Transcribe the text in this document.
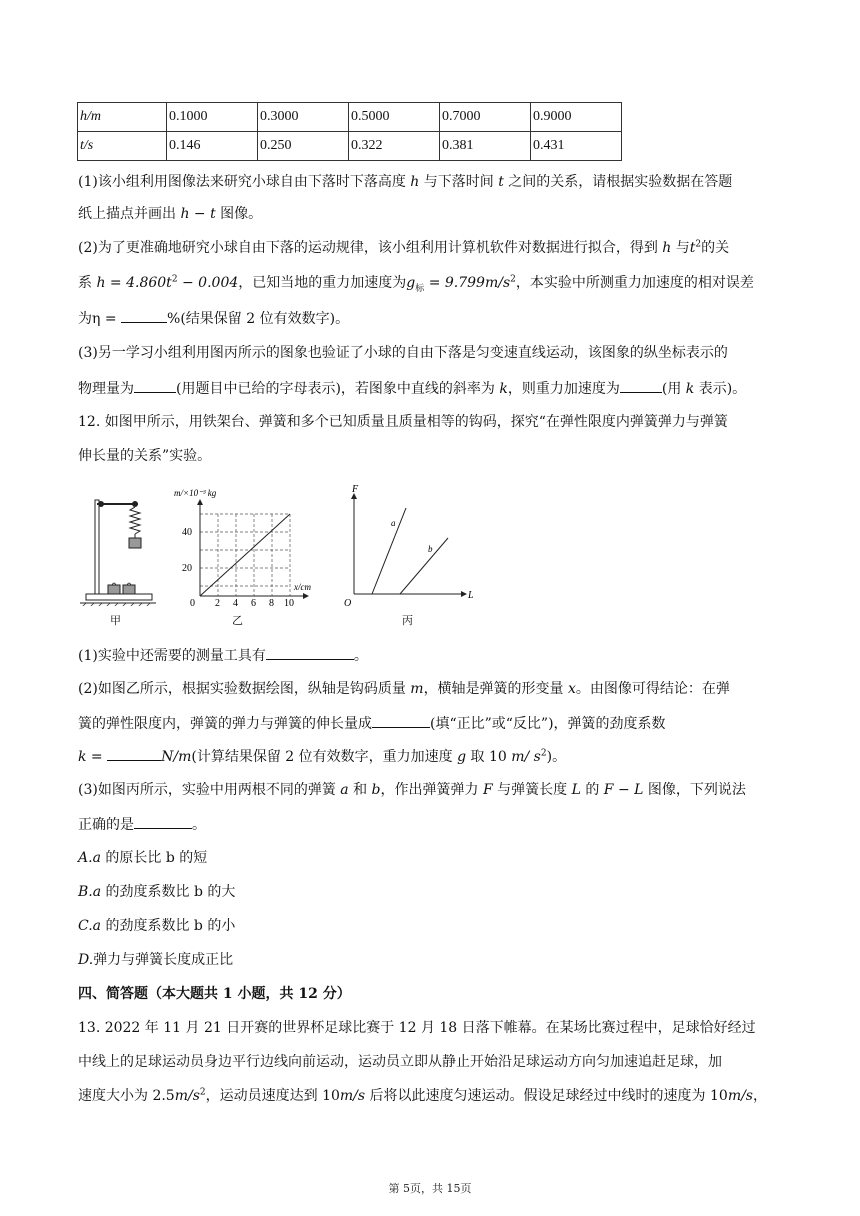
h/m	0.1000	0.3000	0.5000	0.7000	0.9000
t/s	0.146	0.250	0.322	0.381	0.431
(1)该小组利用图像法来研究小球自由下落时下落高度 h 与下落时间 t 之间的关系，请根据实验数据在答题
纸上描点并画出 h − t 图像。
(2)为了更准确地研究小球自由下落的运动规律，该小组利用计算机软件对数据进行拟合，得到 h 与$t^2$的关
系 $h = 4.860t^2 - 0.004$，已知当地的重力加速度为$g_标 = 9.799m/s^2$，本实验中所测重力加速度的相对误差
为η =	%(结果保留 2 位有效数字)。
(3)另一学习小组利用图丙所示的图象也验证了小球的自由下落是匀变速直线运动，该图象的纵坐标表示的
物理量为	(用题目中已给的字母表示)，若图象中直线的斜率为 k，则重力加速度为	(用 k 表示)。
12. 如图甲所示，用铁架台、弹簧和多个已知质量且质量相等的钩码，探究“在弹性限度内弹簧弹力与弹簧
伸长量的关系”实验。
甲
m/×10⁻³ kg
40
20
0 2 4 6 8 10
x/cm
乙
F
L
O
a
b
丙
(1)实验中还需要的测量工具有	。
(2)如图乙所示，根据实验数据绘图，纵轴是钩码质量 m，横轴是弹簧的形变量 x。由图像可得结论：在弹
簧的弹性限度内，弹簧的弹力与弹簧的伸长量成	(填“正比”或“反比”)，弹簧的劲度系数
k =	N/m(计算结果保留 2 位有效数字，重力加速度 g 取 10 m/ $s^2$)。
(3)如图丙所示，实验中用两根不同的弹簧 a 和 b，作出弹簧弹力 F 与弹簧长度 L 的 F − L 图像，下列说法
正确的是	。
A.a 的原长比 b 的短
B.a 的劲度系数比 b 的大
C.a 的劲度系数比 b 的小
D.弹力与弹簧长度成正比
四、简答题（本大题共 1 小题，共 12 分）
13. 2022 年 11 月 21 日开赛的世界杯足球比赛于 12 月 18 日落下帷幕。在某场比赛过程中，足球恰好经过
中线上的足球运动员身边平行边线向前运动，运动员立即从静止开始沿足球运动方向匀加速追赶足球，加
速度大小为 $2.5m/s^2$，运动员速度达到 10m/s 后将以此速度匀速运动。假设足球经过中线时的速度为 10m/s，
第 5页，共 15页
